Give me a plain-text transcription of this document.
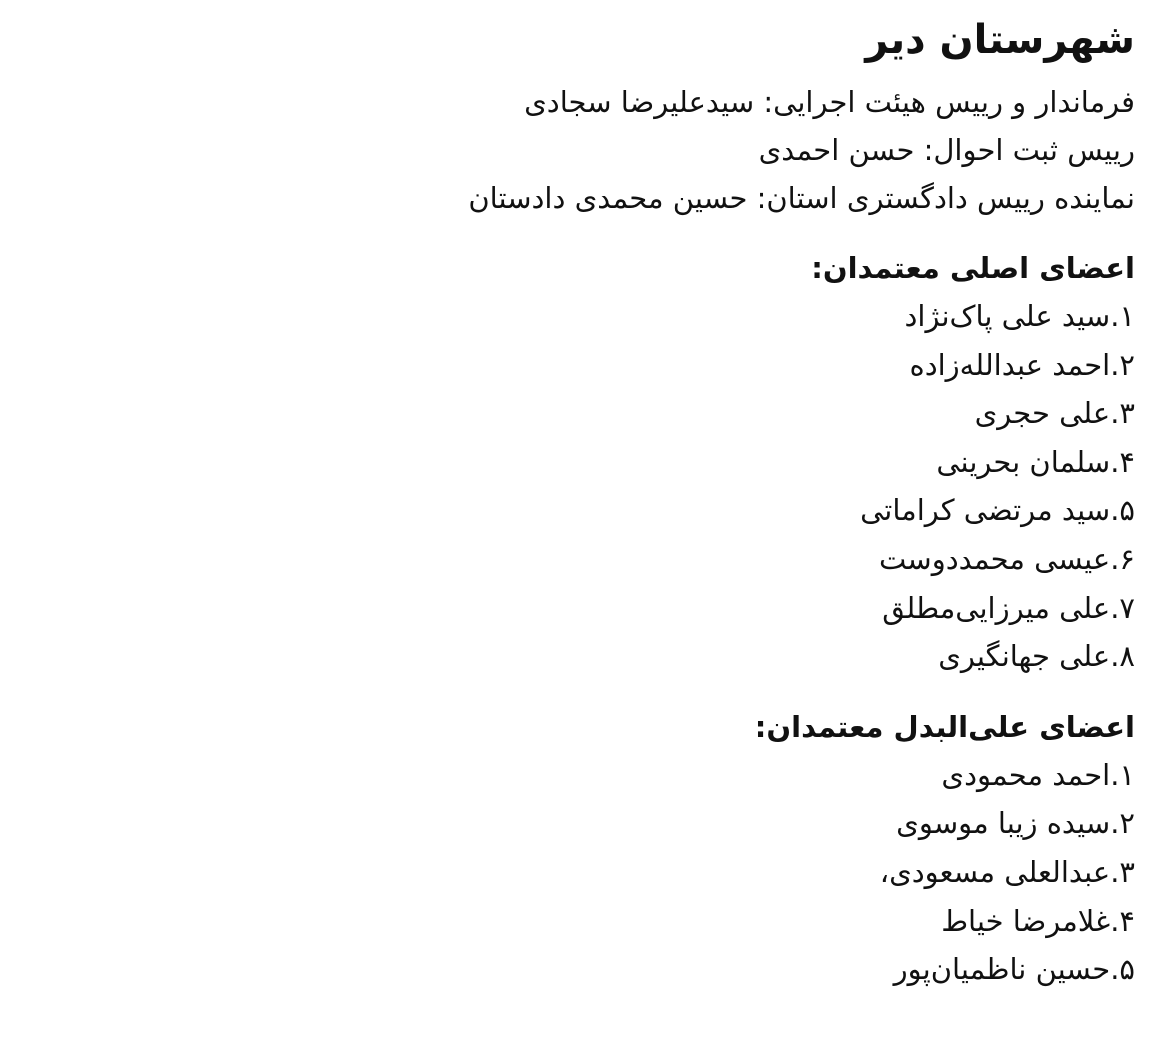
شهرستان دیر
فرماندار و رییس هیئت اجرایی: سیدعلیرضا سجادی
رییس ثبت احوال: حسن احمدی
نماینده رییس دادگستری استان: حسین محمدی دادستان
اعضای اصلی معتمدان:
۱.سید علی پاک‌نژاد
۲.احمد عبدالله‌زاده
۳.علی حجری
۴.سلمان بحرینی
۵.سید مرتضی کراماتی
۶.عیسی محمددوست
۷.علی میرزایی‌مطلق
۸.علی جهانگیری
اعضای علی‌البدل معتمدان:
۱.احمد محمودی
۲.سیده زیبا موسوی
۳.عبدالعلی مسعودی،
۴.غلامرضا خیاط
۵.حسین ناظمیان‌پور
